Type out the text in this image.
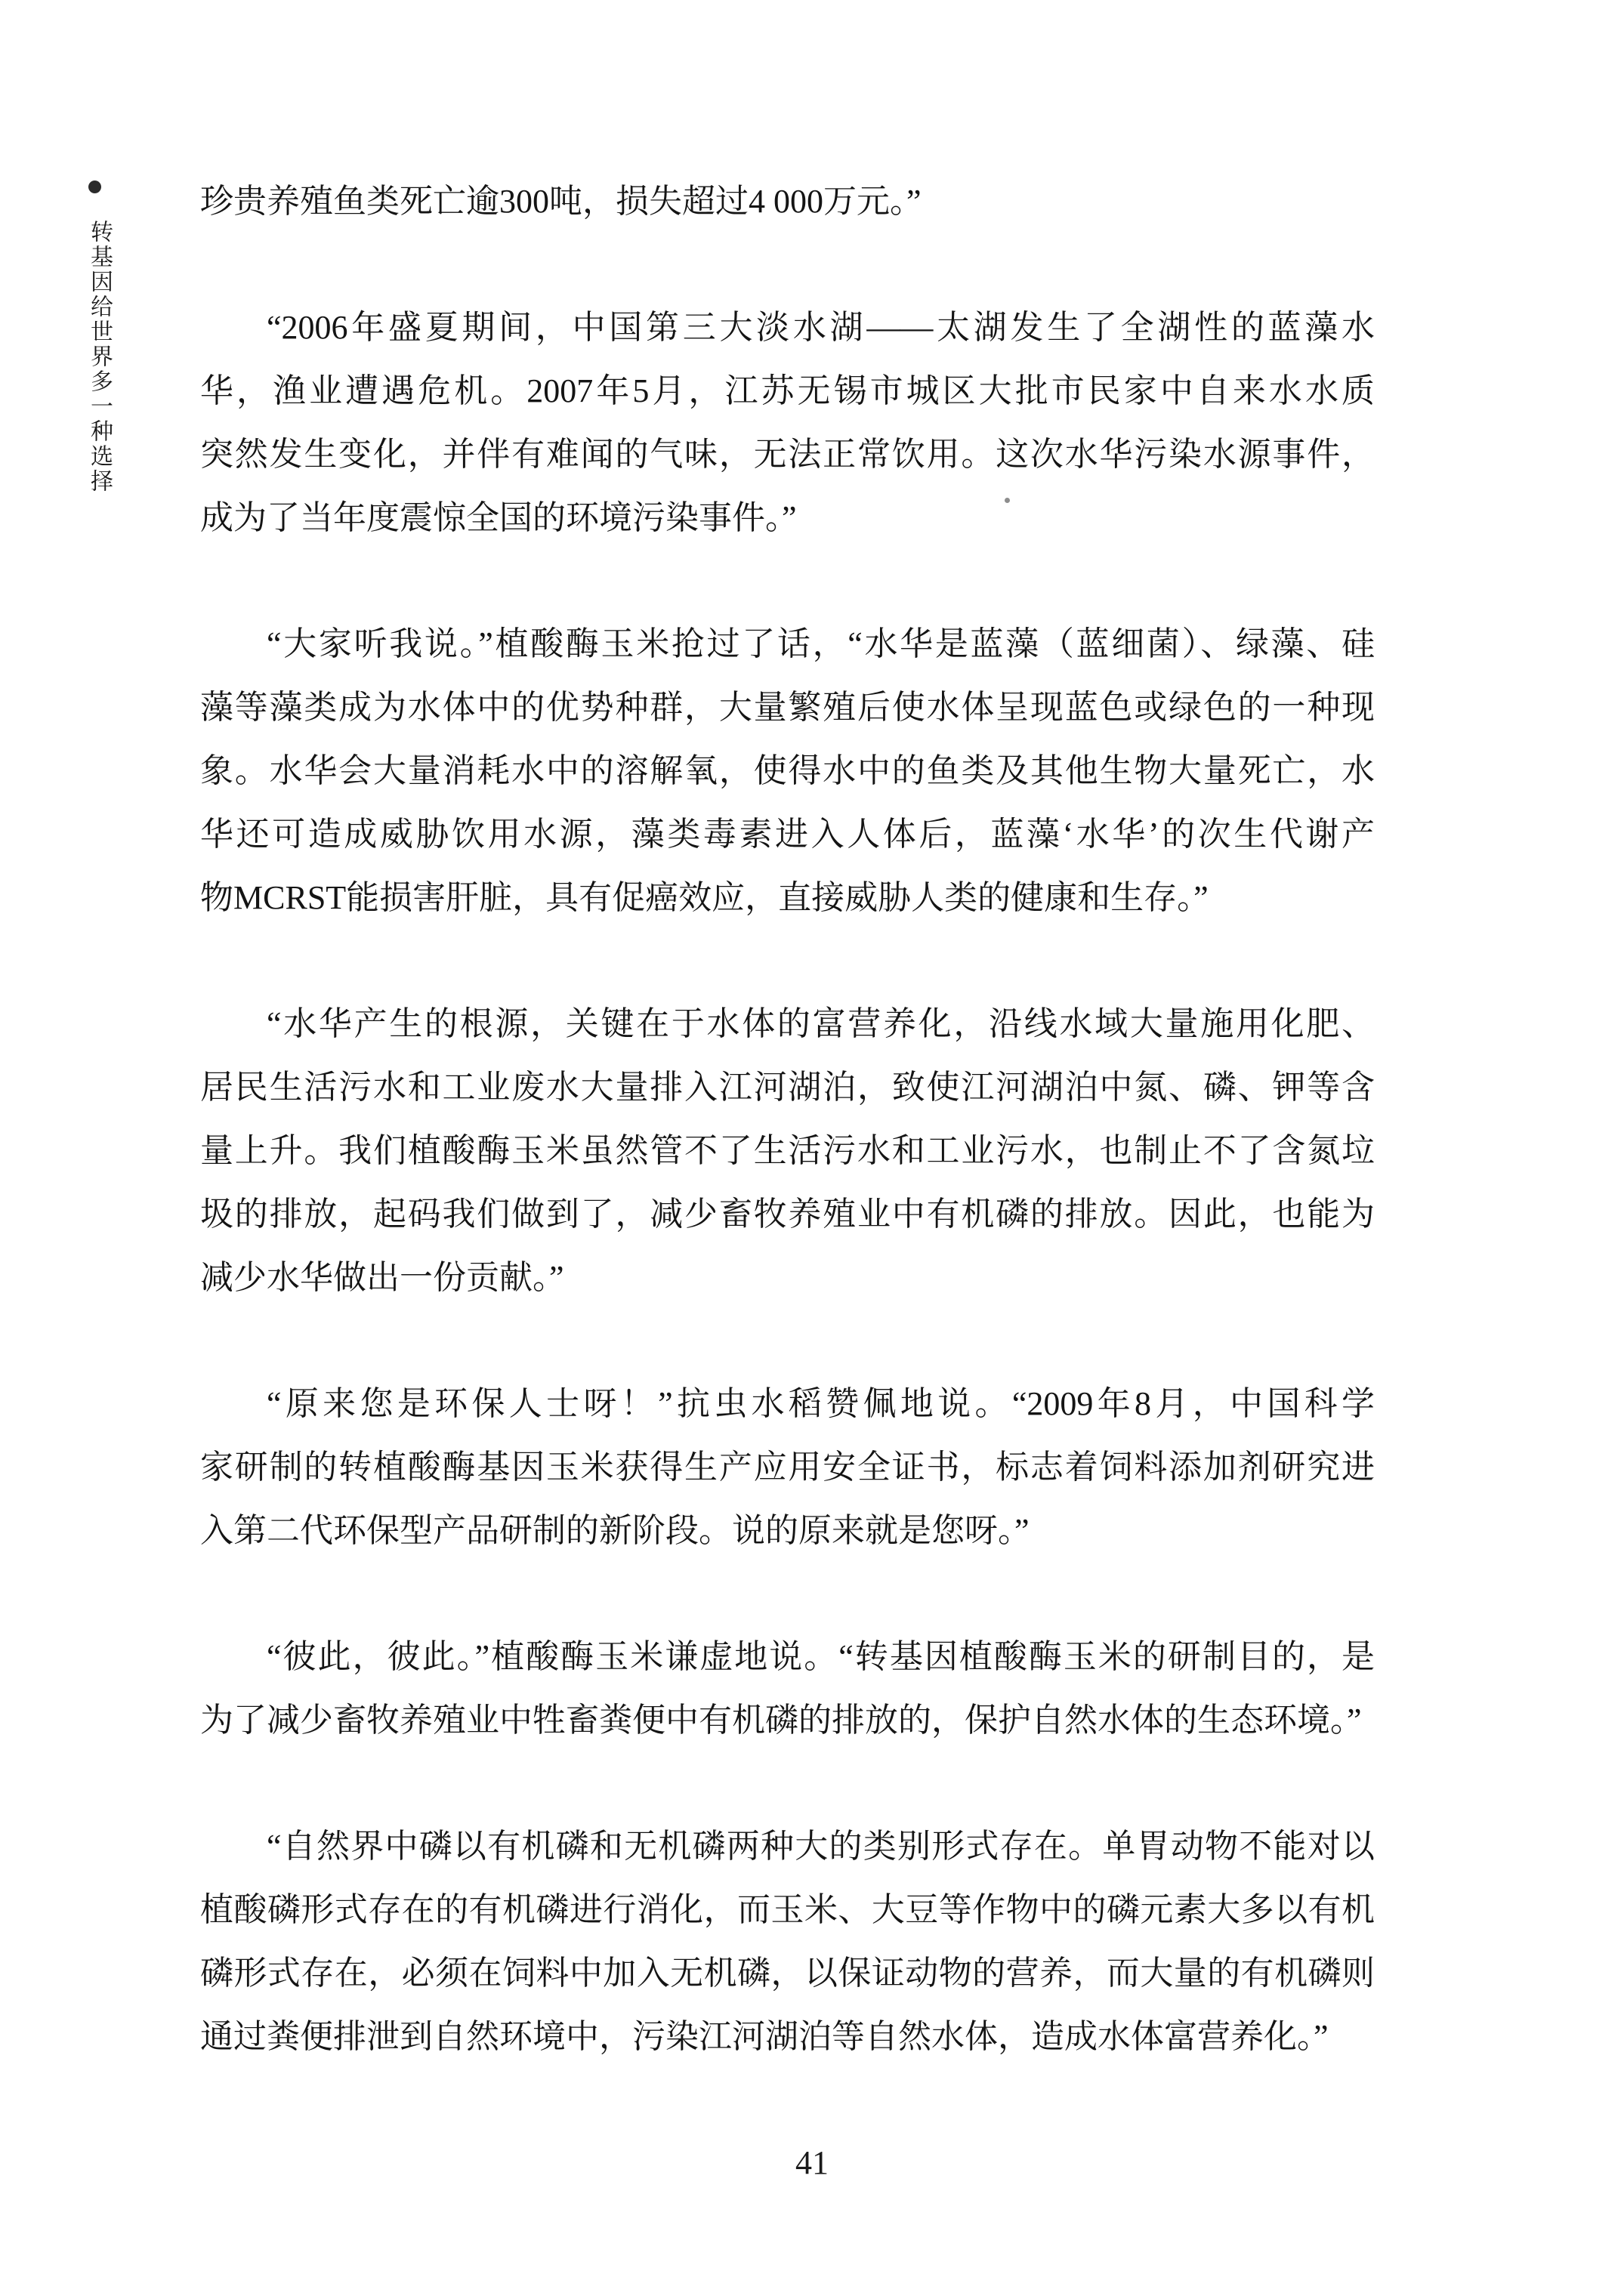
转基因给世界多一种选择
珍贵养殖鱼类死亡逾300吨，损失超过4 000万元。”
“2006年盛夏期间，中国第三大淡水湖——太湖发生了全湖性的蓝藻水
华，渔业遭遇危机。2007年5月，江苏无锡市城区大批市民家中自来水水质
突然发生变化，并伴有难闻的气味，无法正常饮用。这次水华污染水源事件，
成为了当年度震惊全国的环境污染事件。”
“大家听我说。”植酸酶玉米抢过了话，“水华是蓝藻（蓝细菌）、绿藻、硅
藻等藻类成为水体中的优势种群，大量繁殖后使水体呈现蓝色或绿色的一种现
象。水华会大量消耗水中的溶解氧，使得水中的鱼类及其他生物大量死亡，水
华还可造成威胁饮用水源，藻类毒素进入人体后，蓝藻‘水华’的次生代谢产
物MCRST能损害肝脏，具有促癌效应，直接威胁人类的健康和生存。”
“水华产生的根源，关键在于水体的富营养化，沿线水域大量施用化肥、
居民生活污水和工业废水大量排入江河湖泊，致使江河湖泊中氮、磷、钾等含
量上升。我们植酸酶玉米虽然管不了生活污水和工业污水，也制止不了含氮垃
圾的排放，起码我们做到了，减少畜牧养殖业中有机磷的排放。因此，也能为
减少水华做出一份贡献。”
“原来您是环保人士呀！”抗虫水稻赞佩地说。“2009年8月，中国科学
家研制的转植酸酶基因玉米获得生产应用安全证书，标志着饲料添加剂研究进
入第二代环保型产品研制的新阶段。说的原来就是您呀。”
“彼此，彼此。”植酸酶玉米谦虚地说。“转基因植酸酶玉米的研制目的，是
为了减少畜牧养殖业中牲畜粪便中有机磷的排放的，保护自然水体的生态环境。”
“自然界中磷以有机磷和无机磷两种大的类别形式存在。单胃动物不能对以
植酸磷形式存在的有机磷进行消化，而玉米、大豆等作物中的磷元素大多以有机
磷形式存在，必须在饲料中加入无机磷，以保证动物的营养，而大量的有机磷则
通过粪便排泄到自然环境中，污染江河湖泊等自然水体，造成水体富营养化。”
41
